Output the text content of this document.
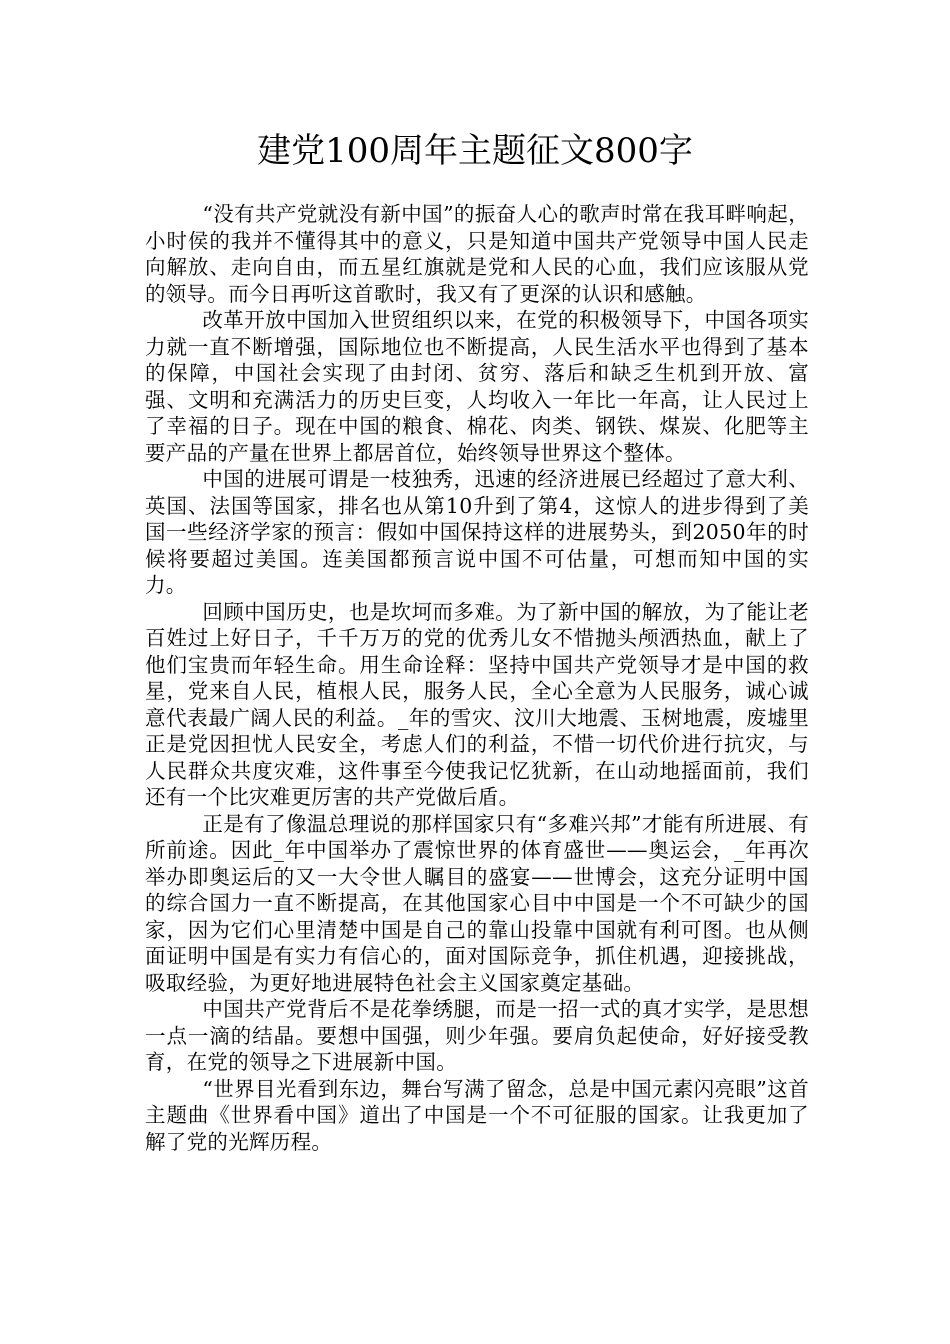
建党100周年主题征文800字

“没有共产党就没有新中国”的振奋人心的歌声时常在我耳畔响起，小时侯的我并不懂得其中的意义，只是知道中国共产党领导中国人民走向解放、走向自由，而五星红旗就是党和人民的心血，我们应该服从党的领导。而今日再听这首歌时，我又有了更深的认识和感触。

改革开放中国加入世贸组织以来，在党的积极领导下，中国各项实力就一直不断增强，国际地位也不断提高，人民生活水平也得到了基本的保障，中国社会实现了由封闭、贫穷、落后和缺乏生机到开放、富强、文明和充满活力的历史巨变，人均收入一年比一年高，让人民过上了幸福的日子。现在中国的粮食、棉花、肉类、钢铁、煤炭、化肥等主要产品的产量在世界上都居首位，始终领导世界这个整体。

中国的进展可谓是一枝独秀，迅速的经济进展已经超过了意大利、英国、法国等国家，排名也从第10升到了第4，这惊人的进步得到了美国一些经济学家的预言：假如中国保持这样的进展势头，到2050年的时候将要超过美国。连美国都预言说中国不可估量，可想而知中国的实力。

回顾中国历史，也是坎坷而多难。为了新中国的解放，为了能让老百姓过上好日子，千千万万的党的优秀儿女不惜抛头颅洒热血，献上了他们宝贵而年轻生命。用生命诠释：坚持中国共产党领导才是中国的救星，党来自人民，植根人民，服务人民，全心全意为人民服务，诚心诚意代表最广阔人民的利益。_年的雪灾、汶川大地震、玉树地震，废墟里正是党因担忧人民安全，考虑人们的利益，不惜一切代价进行抗灾，与人民群众共度灾难，这件事至今使我记忆犹新，在山动地摇面前，我们还有一个比灾难更厉害的共产党做后盾。

正是有了像温总理说的那样国家只有“多难兴邦”才能有所进展、有所前途。因此_年中国举办了震惊世界的体育盛世——奥运会，_年再次举办即奥运后的又一大令世人瞩目的盛宴——世博会，这充分证明中国的综合国力一直不断提高，在其他国家心目中中国是一个不可缺少的国家，因为它们心里清楚中国是自己的靠山投靠中国就有利可图。也从侧面证明中国是有实力有信心的，面对国际竞争，抓住机遇，迎接挑战，吸取经验，为更好地进展特色社会主义国家奠定基础。

中国共产党背后不是花拳绣腿，而是一招一式的真才实学，是思想一点一滴的结晶。要想中国强，则少年强。要肩负起使命，好好接受教育，在党的领导之下进展新中国。

“世界目光看到东边，舞台写满了留念，总是中国元素闪亮眼”这首主题曲《世界看中国》道出了中国是一个不可征服的国家。让我更加了解了党的光辉历程。
